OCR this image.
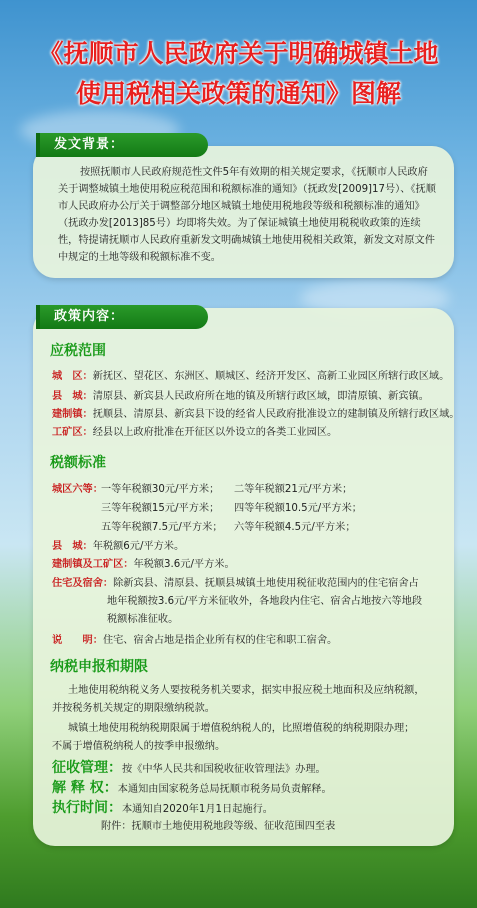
《抚顺市人民政府关于明确城镇土地
使用税相关政策的通知》图解
发文背景：
按照抚顺市人民政府规范性文件5年有效期的相关规定要求，《抚顺市人民政府关于调整城镇土地使用税应税范围和税额标准的通知》（抚政发[2009]17号）、《抚顺市人民政府办公厅关于调整部分地区城镇土地使用税地段等级和税额标准的通知》（抚政办发[2013]85号）均即将失效。为了保证城镇土地使用税税收政策的连续性，特提请抚顺市人民政府重新发文明确城镇土地使用税相关政策，新发文对原文件中规定的土地等级和税额标准不变。
政策内容：
应税范围
城　区：新抚区、望花区、东洲区、顺城区、经济开发区、高新工业园区所辖行政区域。
县　城：清原县、新宾县人民政府所在地的镇及所辖行政区域，即清原镇、新宾镇。
建制镇：抚顺县、清原县、新宾县下设的经省人民政府批准设立的建制镇及所辖行政区域。
工矿区：经县以上政府批准在开征区以外设立的各类工业园区。
税额标准
城区六等：
一等年税额30元/平方米； 二等年税额21元/平方米；
三等年税额15元/平方米； 四等年税额10.5元/平方米；
五等年税额7.5元/平方米； 六等年税额4.5元/平方米；
县　城：年税额6元/平方米。
建制镇及工矿区：年税额3.6元/平方米。
住宅及宿舍：除新宾县、清原县、抚顺县城镇土地使用税征收范围内的住宅宿舍占
地年税额按3.6元/平方米征收外，各地段内住宅、宿舍占地按六等地段
税额标准征收。
说　　明：住宅、宿舍占地是指企业所有权的住宅和职工宿舍。
纳税申报和期限
土地使用税纳税义务人要按税务机关要求，据实申报应税土地面积及应纳税额，
并按税务机关规定的期限缴纳税款。
城镇土地使用税纳税期限属于增值税纳税人的，比照增值税的纳税期限办理；
不属于增值税纳税人的按季申报缴纳。
征收管理：按《中华人民共和国税收征收管理法》办理。
解 释 权：本通知由国家税务总局抚顺市税务局负责解释。
执行时间：本通知自2020年1月1日起施行。
附件：抚顺市土地使用税地段等级、征收范围四至表
